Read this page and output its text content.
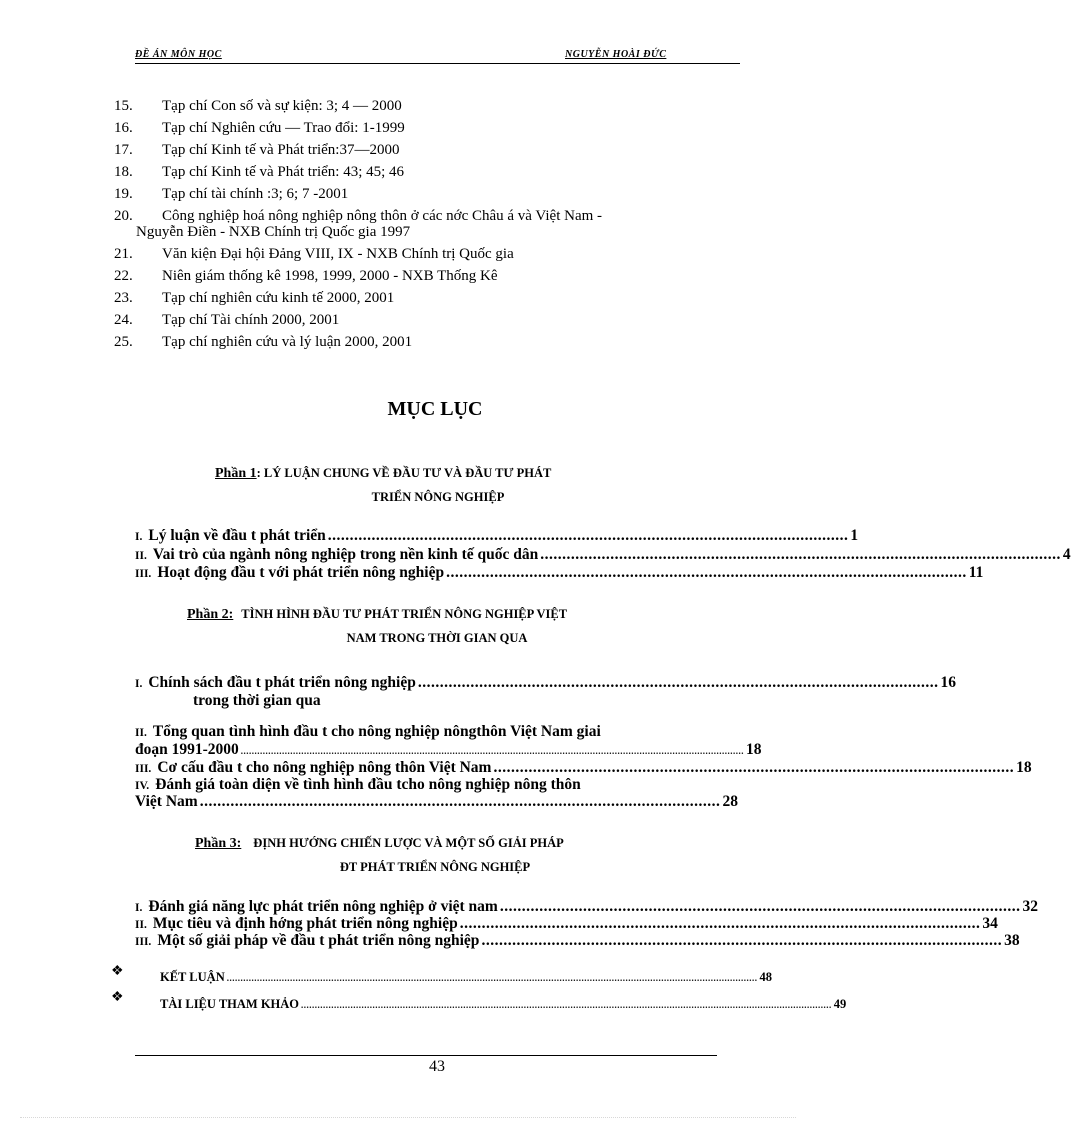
ĐỀ ÁN MÔN HỌC	NGUYỄN HOÀI ĐỨC
15. Tạp chí Con số và sự kiện: 3; 4 — 2000
16. Tạp chí Nghiên cứu — Trao đổi: 1-1999
17. Tạp chí Kinh tế và Phát triển:37—2000
18. Tạp chí Kinh tế và Phát triển: 43; 45; 46
19. Tạp chí tài chính :3; 6; 7 -2001
20. Công nghiệp hoá nông nghiệp nông thôn ở các nớc Châu á và Việt Nam -
Nguyễn Điền - NXB Chính trị Quốc gia 1997
21. Văn kiện Đại hội Đảng VIII, IX - NXB Chính trị Quốc gia
22. Niên giám thống kê 1998, 1999, 2000 - NXB Thống Kê
23. Tạp chí nghiên cứu kinh tế 2000, 2001
24. Tạp chí Tài chính 2000, 2001
25. Tạp chí nghiên cứu và lý luận 2000, 2001
MỤC LỤC
Phần 1: LÝ LUẬN CHUNG VỀ ĐẦU TƯ VÀ ĐẦU TƯ PHÁT
TRIỂN NÔNG NGHIỆP
I. Lý luận về đầu t phát triển ....................................................................................................................... 1
II. Vai trò của ngành nông nghiệp trong nền kinh tế quốc dân ....................................................................................................................... 4
III. Hoạt động đầu t với phát triển nông nghiệp ....................................................................................................................... 11
Phần 2: TÌNH HÌNH ĐẦU TƯ PHÁT TRIỂN NÔNG NGHIỆP VIỆT
NAM TRONG THỜI GIAN QUA
I. Chính sách đầu t phát triển nông nghiệp ....................................................................................................................... 16
trong thời gian qua
II. Tổng quan tình hình đầu t cho nông nghiệp nôngthôn Việt Nam giai
đoạn 1991-2000 ....................................................................................................................................................................................... 18
III. Cơ cấu đầu t cho nông nghiệp nông thôn Việt Nam ....................................................................................................................... 18
IV. Đánh giá toàn diện về tình hình đầu tcho nông nghiệp nông thôn
Việt Nam ....................................................................................................................... 28
Phần 3: ĐỊNH HƯỚNG CHIẾN LƯỢC VÀ MỘT SỐ GIẢI PHÁP
ĐT PHÁT TRIỂN NÔNG NGHIỆP
I. Đánh giá năng lực phát triển nông nghiệp ở việt nam ....................................................................................................................... 32
II. Mục tiêu và định hớng phát triển nông nghiệp ....................................................................................................................... 34
III. Một số giải pháp về đầu t phát triển nông nghiệp ....................................................................................................................... 38
❖	KẾT LUẬN ................................................................................................................................................................................................. 48
❖	TÀI LIỆU THAM KHẢO ................................................................................................................................................................................................. 49
43
